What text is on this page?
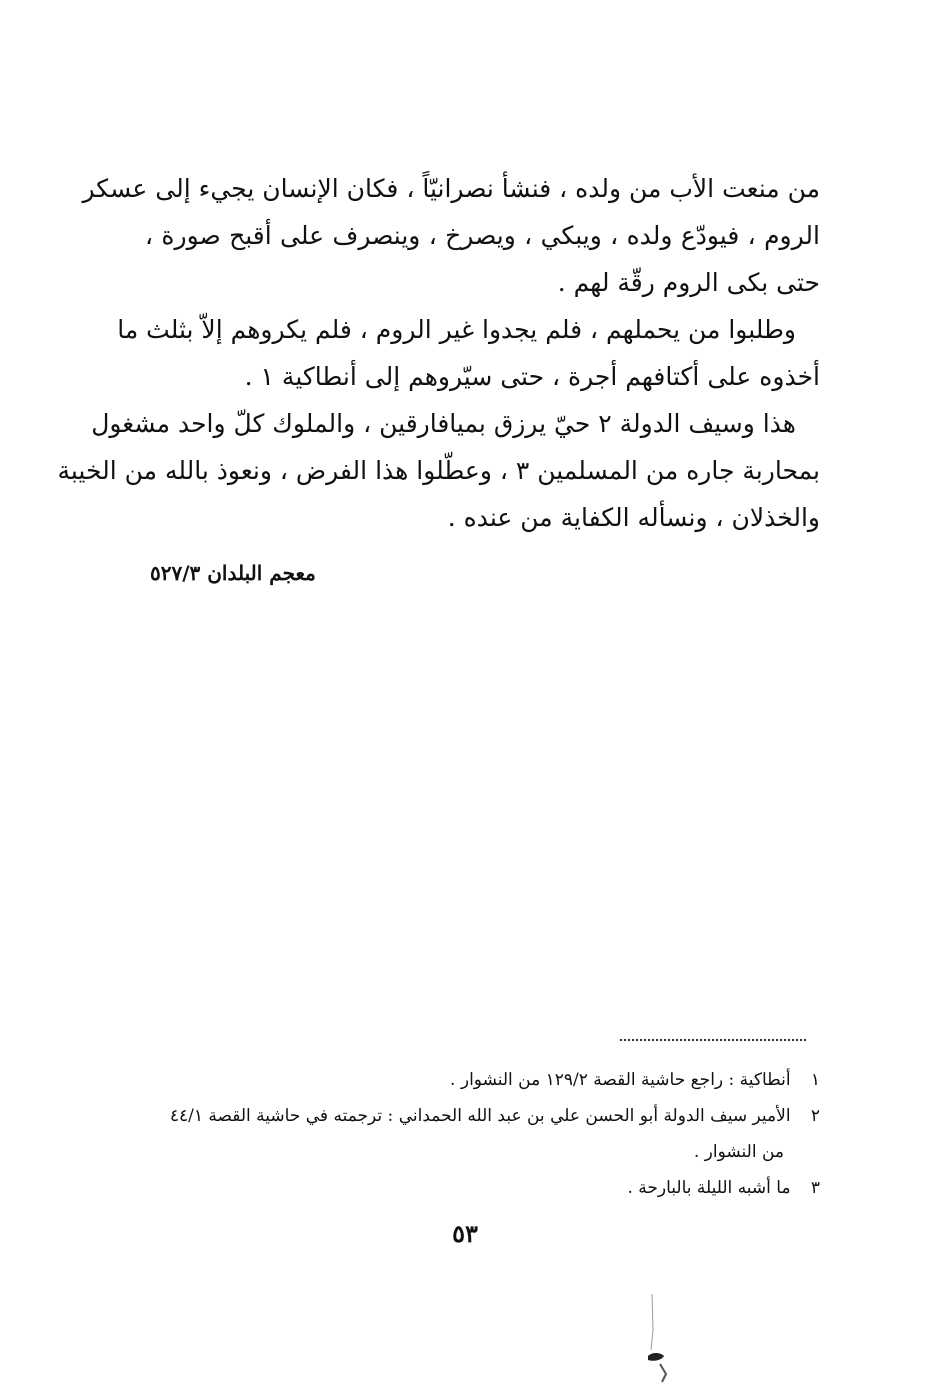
من منعت الأب من ولده ، فنشأ نصرانيّاً ، فكان الإنسان يجيء إلى عسكر
الروم ، فيودّع ولده ، ويبكي ، ويصرخ ، وينصرف على أقبح صورة ،
حتى بكى الروم رقّة لهم .
وطلبوا من يحملهم ، فلم يجدوا غير الروم ، فلم يكروهم إلاّ بثلث ما
أخذوه على أكتافهم أجرة ، حتى سيّروهم إلى أنطاكية ١ .
هذا وسيف الدولة ٢ حيّ يرزق بميافارقين ، والملوك كلّ واحد مشغول
بمحاربة جاره من المسلمين ٣ ، وعطّلوا هذا الفرض ، ونعوذ بالله من الخيبة
والخذلان ، ونسأله الكفاية من عنده .
معجم البلدان ٥٢٧/٣
١ أنطاكية : راجع حاشية القصة ١٢٩/٢ من النشوار .
٢ الأمير سيف الدولة أبو الحسن علي بن عبد الله الحمداني : ترجمته في حاشية القصة ٤٤/١
من النشوار .
٣ ما أشبه الليلة بالبارحة .
٥٣
